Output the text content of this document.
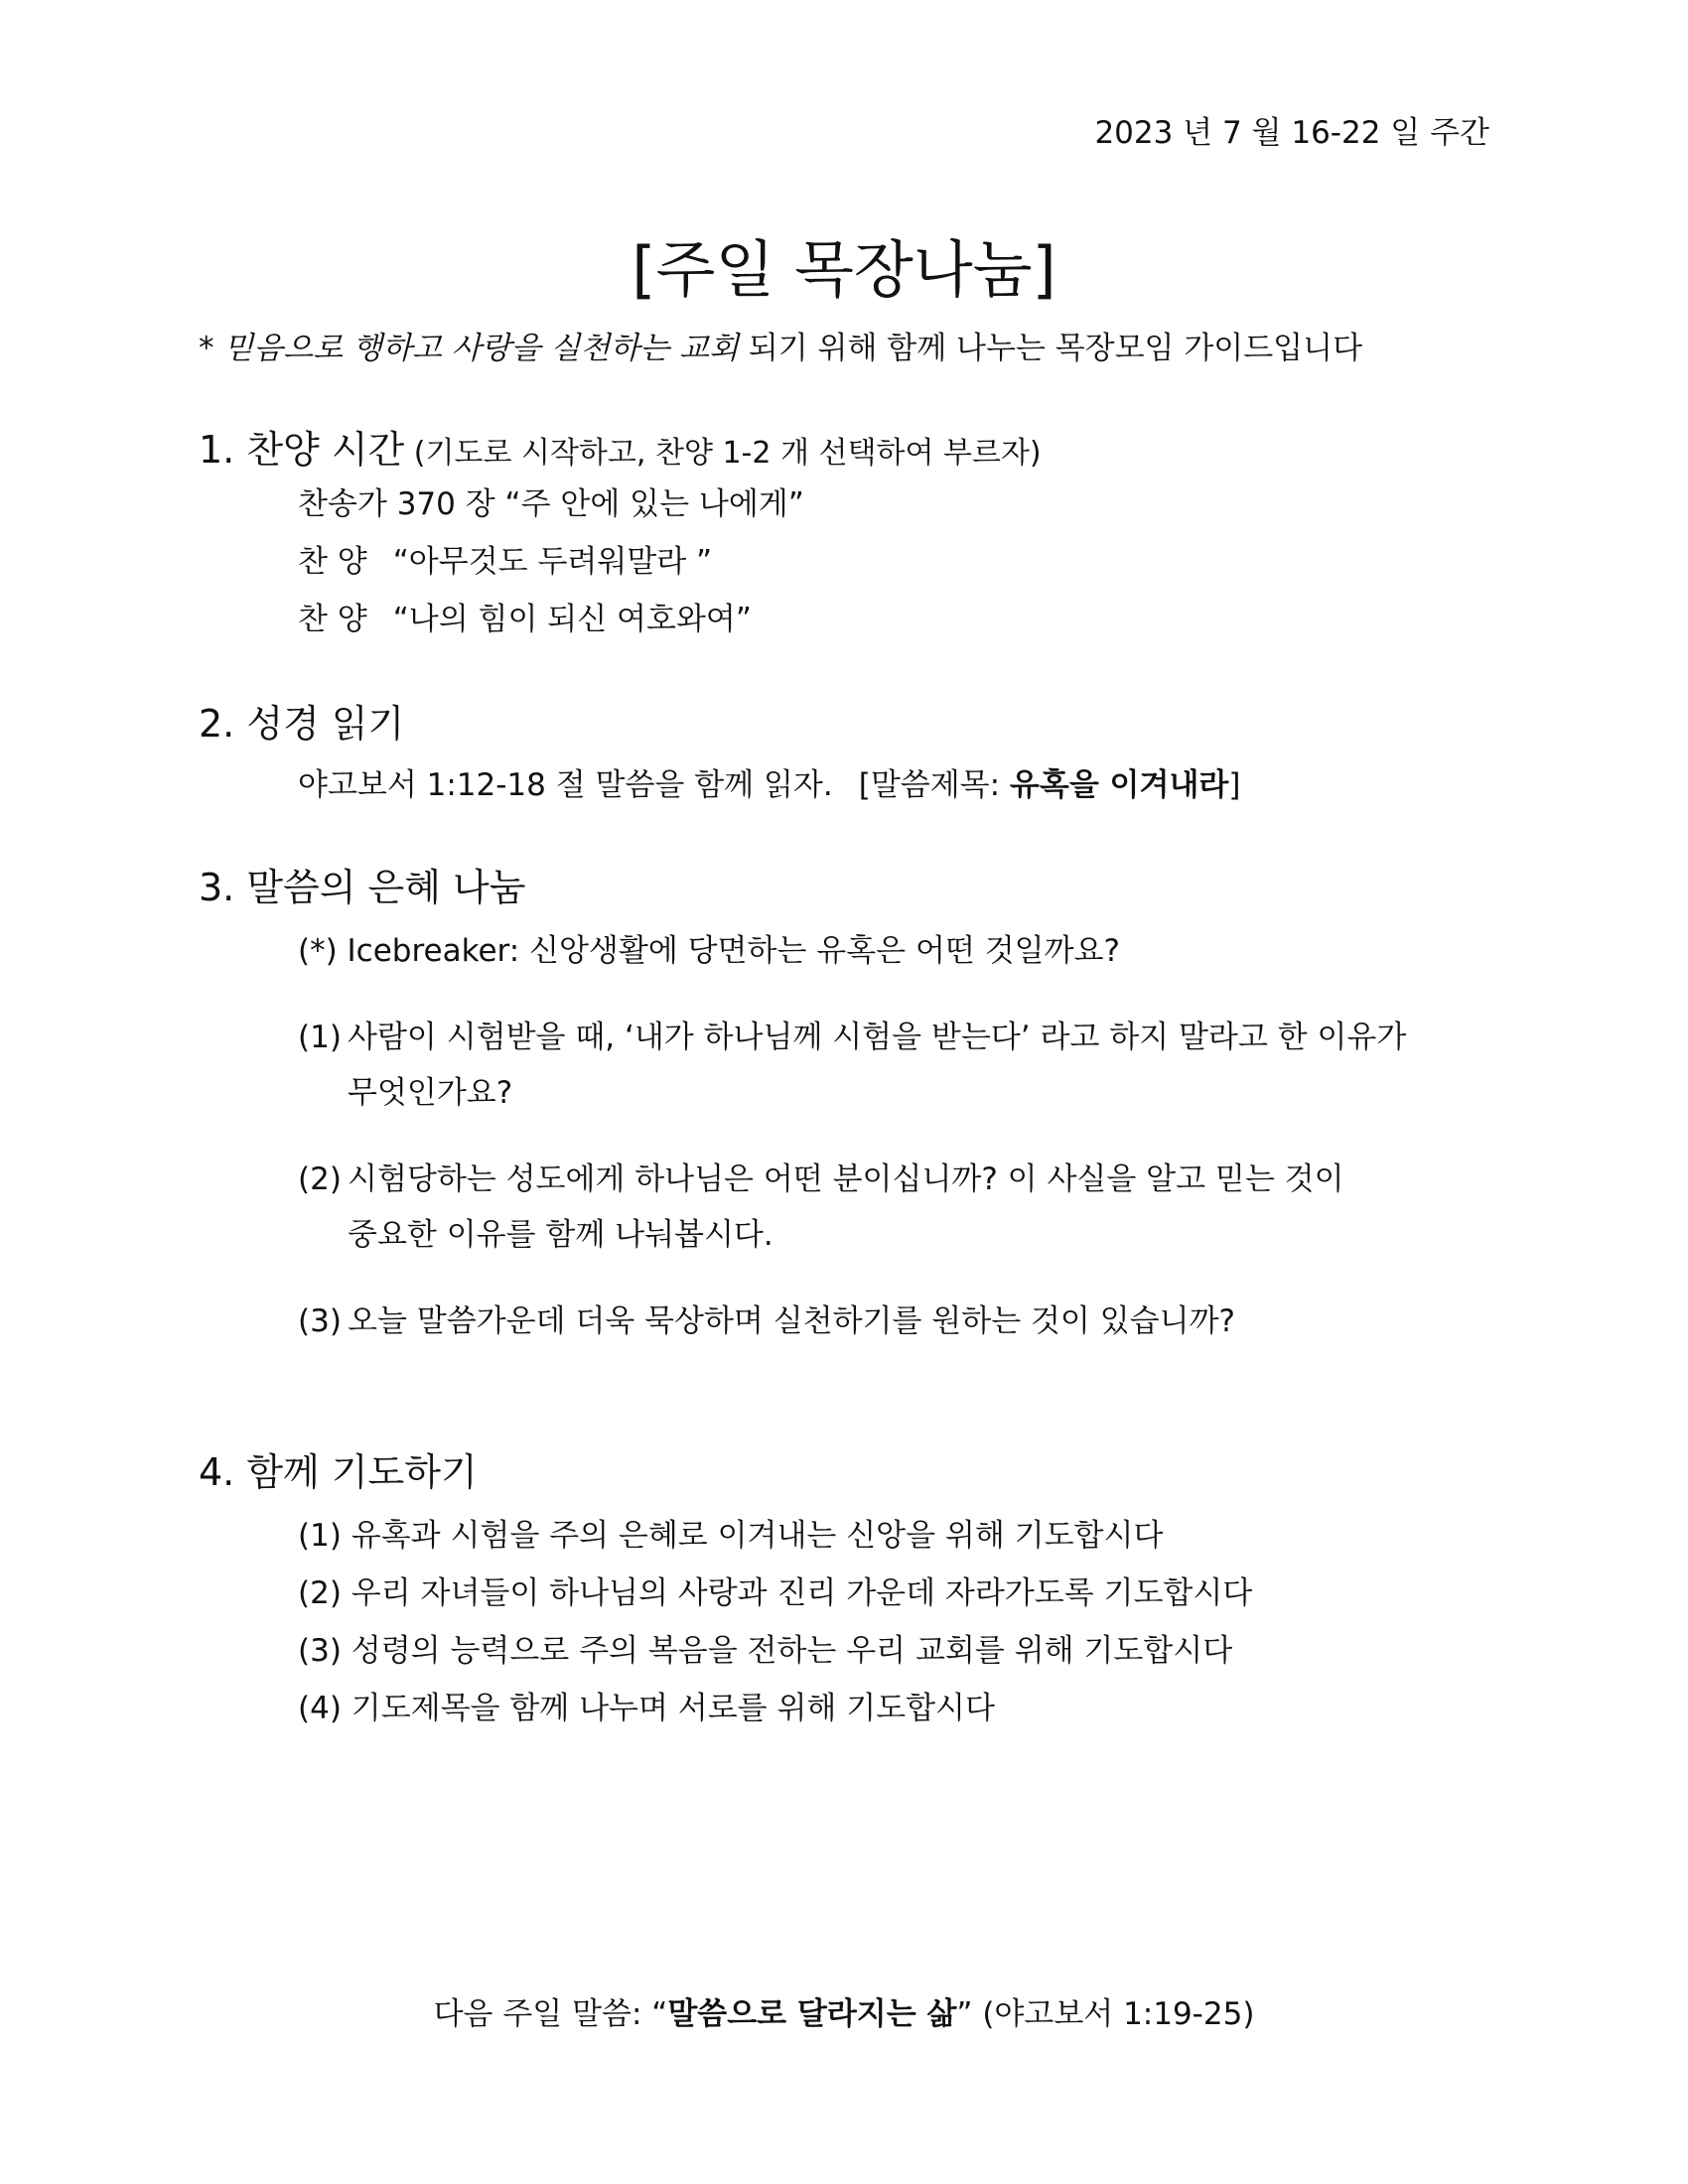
2023 년 7 월 16-22 일 주간
[주일 목장나눔]
* 믿음으로 행하고 사랑을 실천하는 교회 되기 위해 함께 나누는 목장모임 가이드입니다
1. 찬양 시간 (기도로 시작하고, 찬양 1-2 개 선택하여 부르자)
찬송가 370 장 “주 안에 있는 나에게”
찬 양 “아무것도 두려워말라 ”
찬 양 “나의 힘이 되신 여호와여”
2. 성경 읽기
야고보서 1:12-18 절 말씀을 함께 읽자. [말씀제목: 유혹을 이겨내라]
3. 말씀의 은혜 나눔
(*) Icebreaker: 신앙생활에 당면하는 유혹은 어떤 것일까요?
(1) 사람이 시험받을 때, ‘내가 하나님께 시험을 받는다’ 라고 하지 말라고 한 이유가
무엇인가요?
(2) 시험당하는 성도에게 하나님은 어떤 분이십니까? 이 사실을 알고 믿는 것이
중요한 이유를 함께 나눠봅시다.
(3) 오늘 말씀가운데 더욱 묵상하며 실천하기를 원하는 것이 있습니까?
4. 함께 기도하기
(1) 유혹과 시험을 주의 은혜로 이겨내는 신앙을 위해 기도합시다
(2) 우리 자녀들이 하나님의 사랑과 진리 가운데 자라가도록 기도합시다
(3) 성령의 능력으로 주의 복음을 전하는 우리 교회를 위해 기도합시다
(4) 기도제목을 함께 나누며 서로를 위해 기도합시다
다음 주일 말씀: “말씀으로 달라지는 삶” (야고보서 1:19-25)
